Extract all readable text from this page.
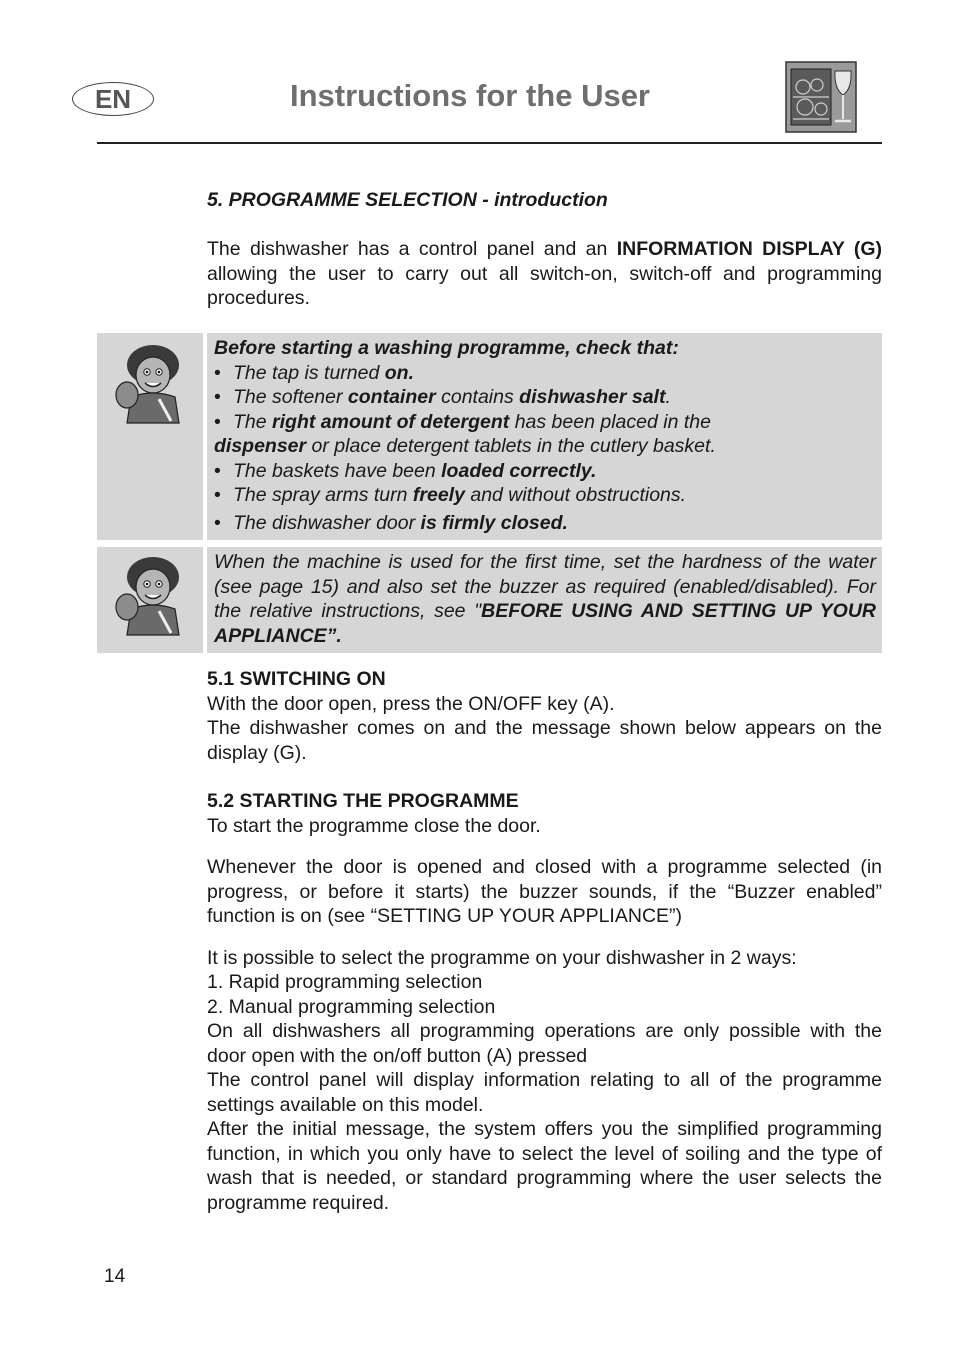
EN	Instructions for the User
5. PROGRAMME SELECTION - introduction

The dishwasher has a control panel and an INFORMATION DISPLAY (G) allowing the user to carry out all switch-on, switch-off and programming procedures.

Before starting a washing programme, check that:
• The tap is turned on.
• The softener container contains dishwasher salt.
• The right amount of detergent has been placed in the
dispenser or place detergent tablets in the cutlery basket.
• The baskets have been loaded correctly.
• The spray arms turn freely and without obstructions.
• The dishwasher door is firmly closed.
When the machine is used for the first time, set the hardness of the water (see page 15) and also set the buzzer as required (enabled/disabled). For the relative instructions, see "BEFORE USING AND SETTING UP YOUR APPLIANCE”.
5.1 SWITCHING ON

With the door open, press the ON/OFF key (A).

The dishwasher comes on and the message shown below appears on the display (G).

5.2 STARTING THE PROGRAMME

To start the programme close the door.

Whenever the door is opened and closed with a programme selected (in progress, or before it starts) the buzzer sounds, if the “Buzzer enabled” function is on (see “SETTING UP YOUR APPLIANCE”)

It is possible to select the programme on your dishwasher in 2 ways:

1. Rapid programming selection

2. Manual programming selection

On all dishwashers all programming operations are only possible with the door open with the on/off button (A) pressed

The control panel will display information relating to all of the programme settings available on this model.

After the initial message, the system offers you the simplified programming function, in which you only have to select the level of soiling and the type of wash that is needed, or standard programming where the user selects the programme required.

14
